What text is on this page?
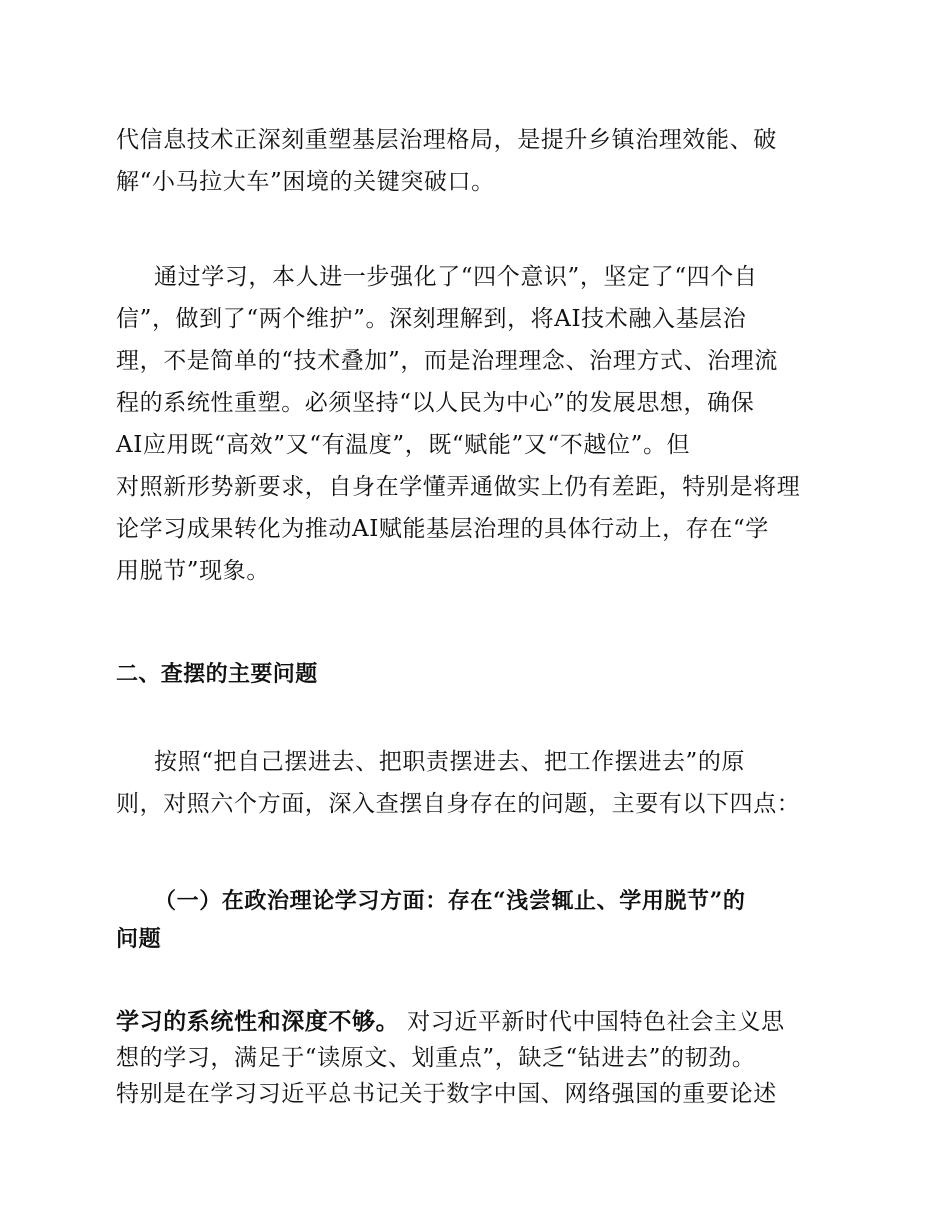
代信息技术正深刻重塑基层治理格局，是提升乡镇治理效能、破
解“小马拉大车”困境的关键突破口。
通过学习，本人进一步强化了“四个意识”，坚定了“四个自
信”，做到了“两个维护”。深刻理解到，将AI技术融入基层治
理，不是简单的“技术叠加”，而是治理理念、治理方式、治理流
程的系统性重塑。必须坚持“以人民为中心”的发展思想，确保
AI应用既“高效”又“有温度”，既“赋能”又“不越位”。但
对照新形势新要求，自身在学懂弄通做实上仍有差距，特别是将理
论学习成果转化为推动AI赋能基层治理的具体行动上，存在“学
用脱节”现象。
二、查摆的主要问题
按照“把自己摆进去、把职责摆进去、把工作摆进去”的原
则，对照六个方面，深入查摆自身存在的问题，主要有以下四点：
（一）在政治理论学习方面：存在“浅尝辄止、学用脱节”的
问题
学习的系统性和深度不够。 对习近平新时代中国特色社会主义思
想的学习，满足于“读原文、划重点”，缺乏“钻进去”的韧劲。
特别是在学习习近平总书记关于数字中国、网络强国的重要论述
